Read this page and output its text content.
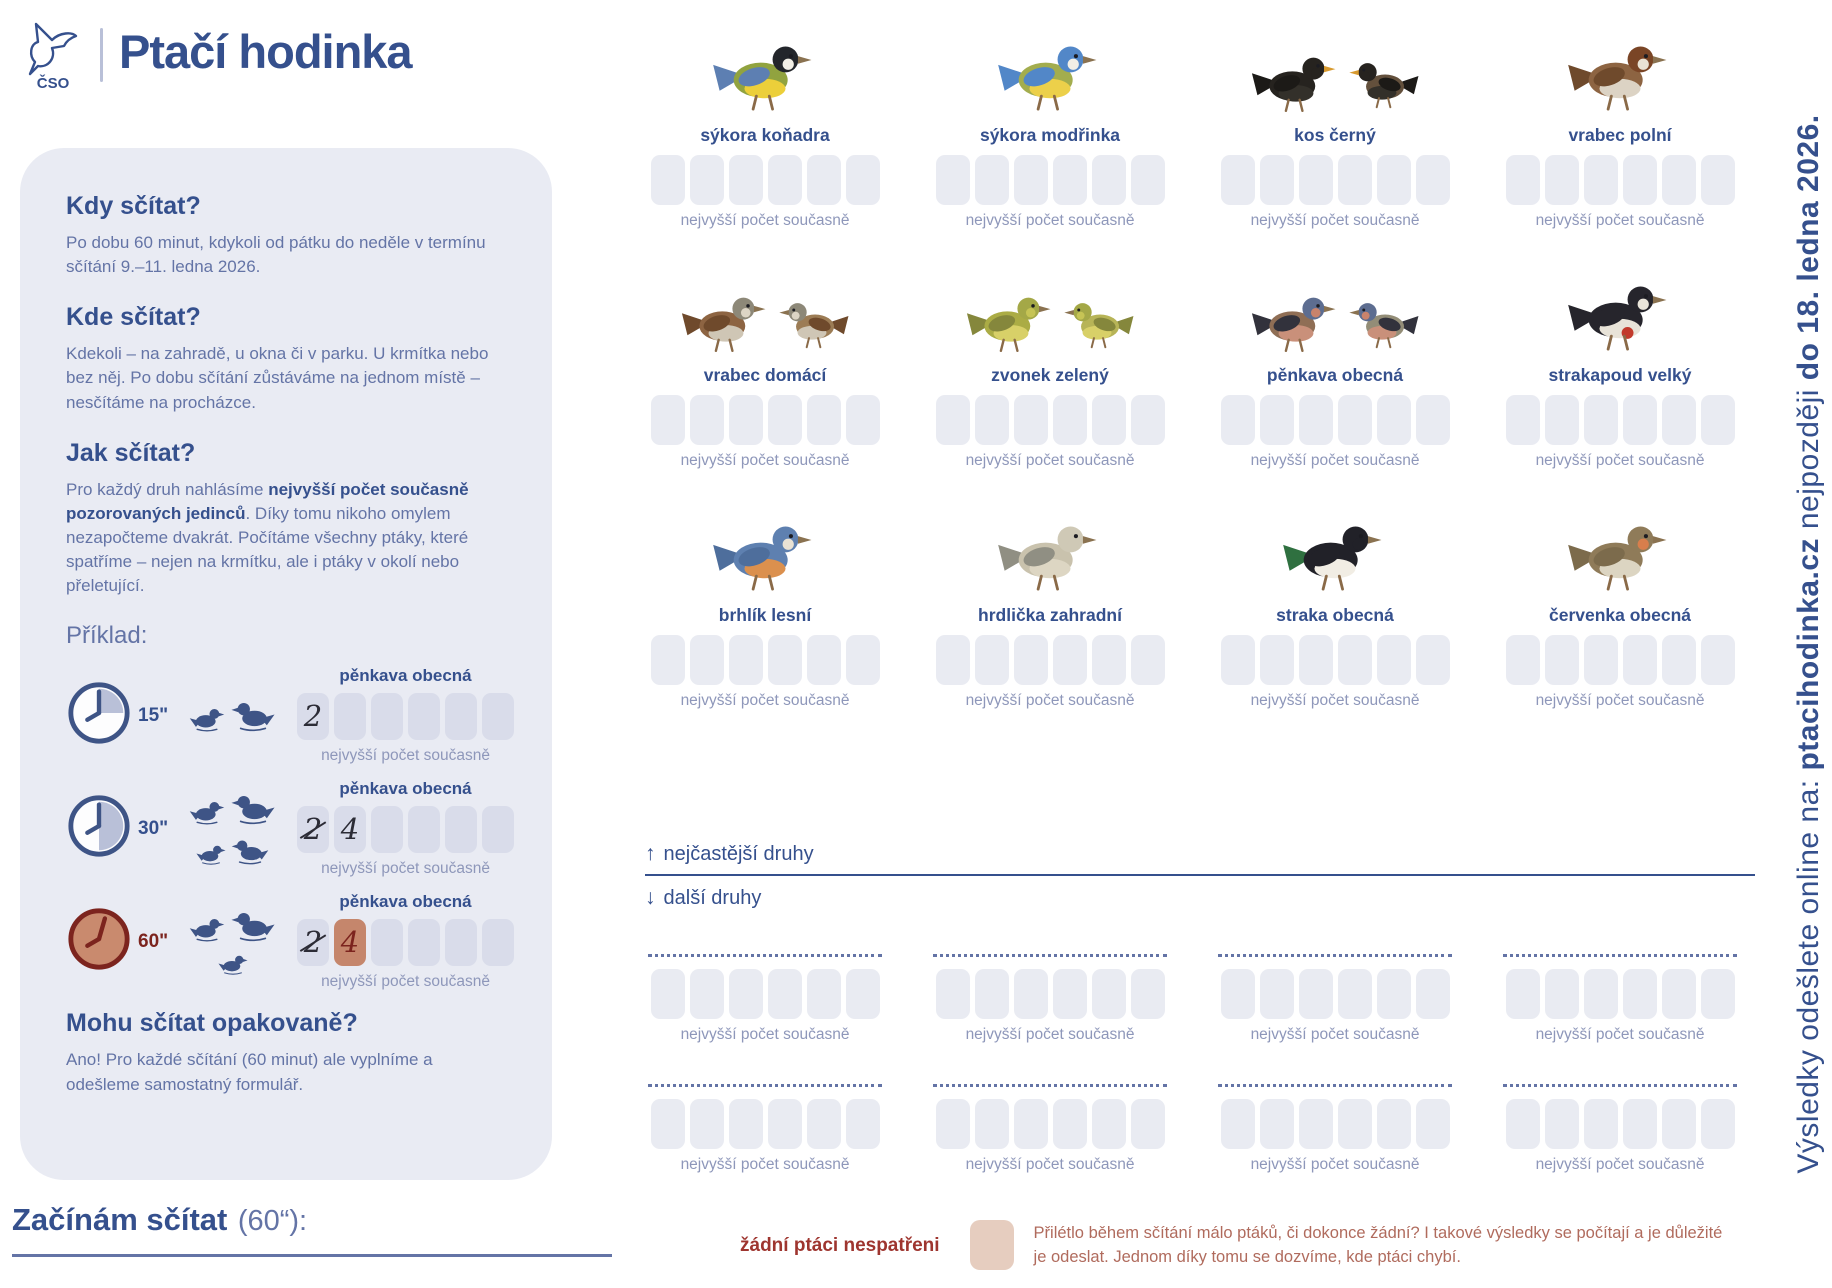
ČSO
Ptačí hodinka
Kdy sčítat?
Po dobu 60 minut, kdykoli od pátku do neděle v termínu sčítání 9.–11. ledna 2026.
Kde sčítat?
Kdekoli – na zahradě, u okna či v parku. U krmítka nebo bez něj. Po dobu sčítání zůstáváme na jednom místě – nesčítáme na procházce.
Jak sčítat?
Pro každý druh nahlásíme nejvyšší počet současně pozorovaných jedinců. Díky tomu nikoho omylem nezapočteme dvakrát. Počítáme všechny ptáky, které spatříme – nejen na krmítku, ale i ptáky v okolí nebo přeletující.
Příklad:
15"
pěnkava obecná
2
nejvyšší počet současně
30"
pěnkava obecná
2 4
nejvyšší počet současně
60"
pěnkava obecná
2 4
nejvyšší počet současně
Mohu sčítat opakovaně?

Ano! Pro každé sčítání (60 minut) ale vyplníme a odešleme samostatný formulář.

Začínám sčítat (60“):
sýkora koňadra
nejvyšší počet současně
sýkora modřinka
nejvyšší počet současně
kos černý
nejvyšší počet současně
vrabec polní
nejvyšší počet současně
vrabec domácí
nejvyšší počet současně
zvonek zelený
nejvyšší počet současně
pěnkava obecná
nejvyšší počet současně
strakapoud velký
nejvyšší počet současně
brhlík lesní
nejvyšší počet současně
hrdlička zahradní
nejvyšší počet současně
straka obecná
nejvyšší počet současně
červenka obecná
nejvyšší počet současně
↑ nejčastější druhy
↓ další druhy
nejvyšší počet současně	nejvyšší počet současně	nejvyšší počet současně	nejvyšší počet současně
nejvyšší počet současně	nejvyšší počet současně	nejvyšší počet současně	nejvyšší počet současně
žádní ptáci nespatřeni

Přilétlo během sčítání málo ptáků, či dokonce žádní? I takové výsledky se počítají a je důležité je odeslat. Jednom díky tomu se dozvíme, kde ptáci chybí.

Výsledky odešlete online na: ptacihodinka.cz nejpozději do 18. ledna 2026.
